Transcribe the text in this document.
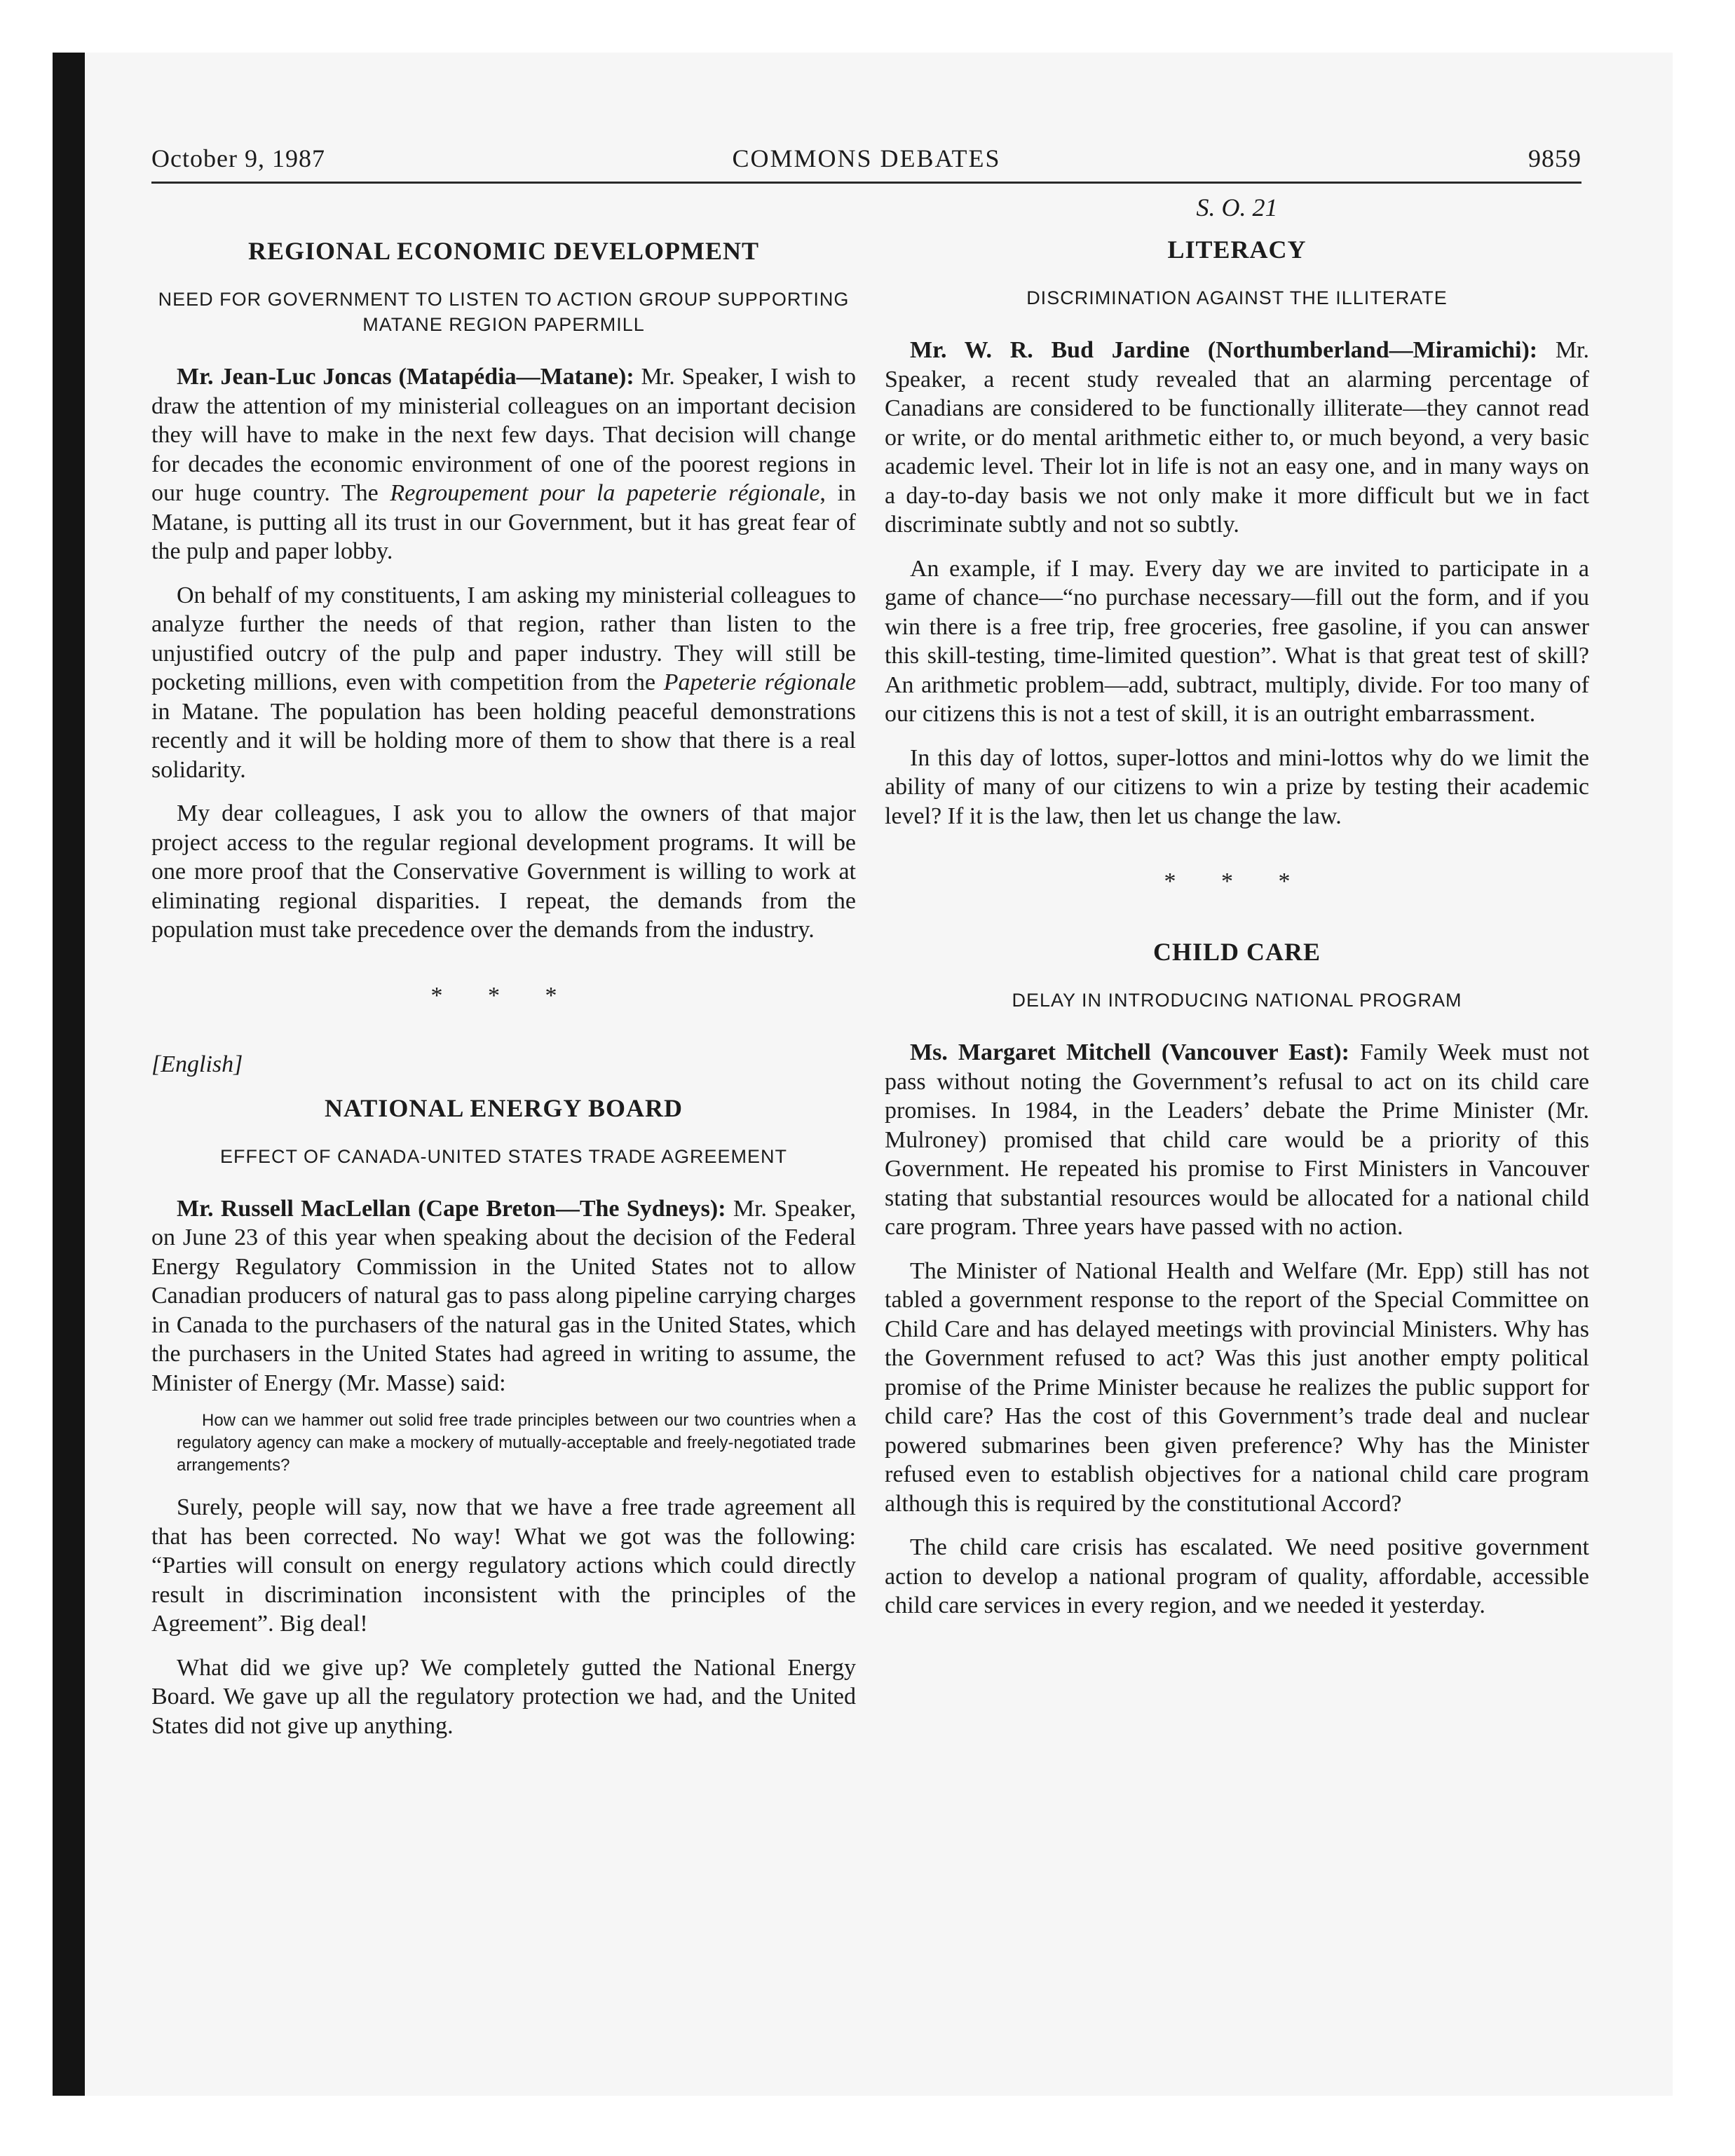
October 9, 1987	COMMONS DEBATES	9859
REGIONAL ECONOMIC DEVELOPMENT
NEED FOR GOVERNMENT TO LISTEN TO ACTION GROUP SUPPORTING MATANE REGION PAPERMILL

Mr. Jean-Luc Joncas (Matapédia—Matane): Mr. Speaker, I wish to draw the attention of my ministerial colleagues on an important decision they will have to make in the next few days. That decision will change for decades the economic environment of one of the poorest regions in our huge country. The Regroupement pour la papeterie régionale, in Matane, is putting all its trust in our Government, but it has great fear of the pulp and paper lobby.

On behalf of my constituents, I am asking my ministerial colleagues to analyze further the needs of that region, rather than listen to the unjustified outcry of the pulp and paper industry. They will still be pocketing millions, even with competition from the Papeterie régionale in Matane. The population has been holding peaceful demonstrations recently and it will be holding more of them to show that there is a real solidarity.

My dear colleagues, I ask you to allow the owners of that major project access to the regular regional development programs. It will be one more proof that the Conservative Government is willing to work at eliminating regional disparities. I repeat, the demands from the population must take precedence over the demands from the industry.

* * *
[English]
NATIONAL ENERGY BOARD
EFFECT OF CANADA-UNITED STATES TRADE AGREEMENT

Mr. Russell MacLellan (Cape Breton—The Sydneys): Mr. Speaker, on June 23 of this year when speaking about the decision of the Federal Energy Regulatory Commission in the United States not to allow Canadian producers of natural gas to pass along pipeline carrying charges in Canada to the purchasers of the natural gas in the United States, which the purchasers in the United States had agreed in writing to assume, the Minister of Energy (Mr. Masse) said:

How can we hammer out solid free trade principles between our two countries when a regulatory agency can make a mockery of mutually-acceptable and freely-negotiated trade arrangements?

Surely, people will say, now that we have a free trade agreement all that has been corrected. No way! What we got was the following: “Parties will consult on energy regulatory actions which could directly result in discrimination inconsistent with the principles of the Agreement”. Big deal!

What did we give up? We completely gutted the National Energy Board. We gave up all the regulatory protection we had, and the United States did not give up anything.

S. O. 21
LITERACY
DISCRIMINATION AGAINST THE ILLITERATE

Mr. W. R. Bud Jardine (Northumberland—Miramichi): Mr. Speaker, a recent study revealed that an alarming percentage of Canadians are considered to be functionally illiterate—they cannot read or write, or do mental arithmetic either to, or much beyond, a very basic academic level. Their lot in life is not an easy one, and in many ways on a day-to-day basis we not only make it more difficult but we in fact discriminate subtly and not so subtly.

An example, if I may. Every day we are invited to participate in a game of chance—“no purchase necessary—fill out the form, and if you win there is a free trip, free groceries, free gasoline, if you can answer this skill-testing, time-limited question”. What is that great test of skill? An arithmetic problem—add, subtract, multiply, divide. For too many of our citizens this is not a test of skill, it is an outright embarrassment.

In this day of lottos, super-lottos and mini-lottos why do we limit the ability of many of our citizens to win a prize by testing their academic level? If it is the law, then let us change the law.

* * *
CHILD CARE
DELAY IN INTRODUCING NATIONAL PROGRAM

Ms. Margaret Mitchell (Vancouver East): Family Week must not pass without noting the Government’s refusal to act on its child care promises. In 1984, in the Leaders’ debate the Prime Minister (Mr. Mulroney) promised that child care would be a priority of this Government. He repeated his promise to First Ministers in Vancouver stating that substantial resources would be allocated for a national child care program. Three years have passed with no action.

The Minister of National Health and Welfare (Mr. Epp) still has not tabled a government response to the report of the Special Committee on Child Care and has delayed meetings with provincial Ministers. Why has the Government refused to act? Was this just another empty political promise of the Prime Minister because he realizes the public support for child care? Has the cost of this Government’s trade deal and nuclear powered submarines been given preference? Why has the Minister refused even to establish objectives for a national child care program although this is required by the constitutional Accord?

The child care crisis has escalated. We need positive government action to develop a national program of quality, affordable, accessible child care services in every region, and we needed it yesterday.
